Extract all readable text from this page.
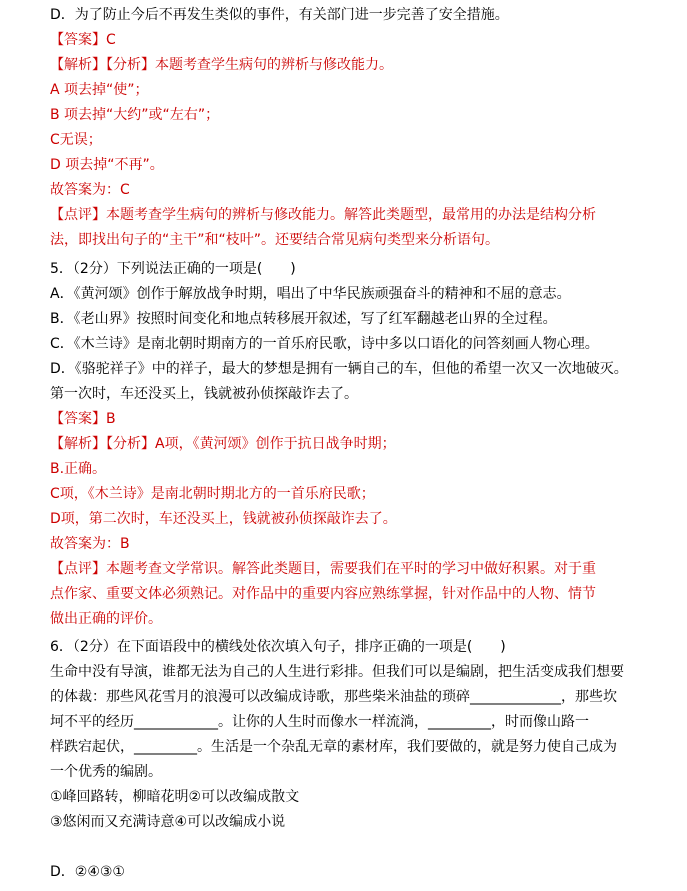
D．为了防止今后不再发生类似的事件，有关部门进一步完善了安全措施。
【答案】C
【解析】【分析】本题考查学生病句的辨析与修改能力。
A 项去掉“使”；
B 项去掉“大约”或“左右”；
C无误；
D 项去掉“不再”。
故答案为：C
【点评】本题考查学生病句的辨析与修改能力。解答此类题型，最常用的办法是结构分析
法，即找出句子的“主干”和“枝叶”。还要结合常见病句类型来分析语句。
5．（2分）下列说法正确的一项是(　　)
A．《黄河颂》创作于解放战争时期，唱出了中华民族顽强奋斗的精神和不屈的意志。
B．《老山界》按照时间变化和地点转移展开叙述，写了红军翻越老山界的全过程。
C．《木兰诗》是南北朝时期南方的一首乐府民歌，诗中多以口语化的问答刻画人物心理。
D．《骆驼祥子》中的祥子，最大的梦想是拥有一辆自己的车，但他的希望一次又一次地破灭。
第一次时，车还没买上，钱就被孙侦探敲诈去了。
【答案】B
【解析】【分析】A项，《黄河颂》创作于抗日战争时期；
B.正确。
C项，《木兰诗》是南北朝时期北方的一首乐府民歌；
D项，第二次时，车还没买上，钱就被孙侦探敲诈去了。
故答案为：B
【点评】本题考查文学常识。解答此类题目，需要我们在平时的学习中做好积累。对于重
点作家、重要文体必须熟记。对作品中的重要内容应熟练掌握，针对作品中的人物、情节
做出正确的评价。
6．（2分）在下面语段中的横线处依次填入句子，排序正确的一项是(　　)
生命中没有导演，谁都无法为自己的人生进行彩排。但我们可以是编剧，把生活变成我们想要
的体裁：那些风花雪月的浪漫可以改编成诗歌，那些柴米油盐的琐碎_____________，那些坎
坷不平的经历____________。让你的人生时而像水一样流淌，_________，时而像山路一
样跌宕起伏，_________。生活是一个杂乱无章的素材库，我们要做的，就是努力使自己成为
一个优秀的编剧。
①峰回路转，柳暗花明②可以改编成散文
③悠闲而又充满诗意④可以改编成小说
D．②④③①
